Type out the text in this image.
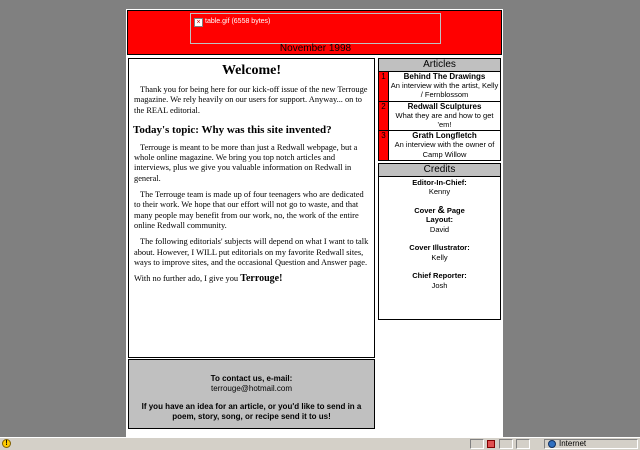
× table.gif (6558 bytes)
November 1998
Welcome!

Thank you for being here for our kick-off issue of the new Terrouge magazine. We rely heavily on our users for support. Anyway... on to the REAL editorial.

Today's topic: Why was this site invented?

Terrouge is meant to be more than just a Redwall webpage, but a whole online magazine. We bring you top notch articles and interviews, plus we give you valuable information on Redwall in general.

The Terrouge team is made up of four teenagers who are dedicated to their work. We hope that our effort will not go to waste, and that many people may benefit from our work, no, the work of the entire online Redwall community.

The following editorials' subjects will depend on what I want to talk about. However, I WILL put editorials on my favorite Redwall sites, ways to improve sites, and the occasional Question and Answer page.

With no further ado, I give you Terrouge!

To contact us, e-mail:
terrouge@hotmail.com
If you have an idea for an article, or you'd like to send in a poem, story, song, or recipe send it to us!
Articles
1	Behind The Drawings
An interview with the artist, Kelly / Fernblossom
2	Redwall Sculptures
What they are and how to get 'em!
3	Grath Longfletch
An interview with the owner of Camp Willow
Credits
Editor-In-Chief:
Kenny
Cover & Page
Layout:
David
Cover Illustrator:
Kelly
Chief Reporter:
Josh
!	Internet
